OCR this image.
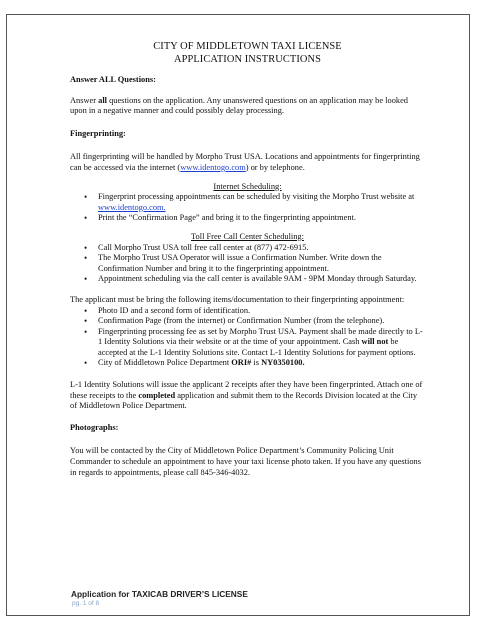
CITY OF MIDDLETOWN TAXI LICENSE
APPLICATION INSTRUCTIONS
Answer ALL Questions:

Answer all questions on the application. Any unanswered questions on an application may be looked upon in a negative manner and could possibly delay processing.

Fingerprinting:

All fingerprinting will be handled by Morpho Trust USA. Locations and appointments for fingerprinting can be accessed via the internet (www.identogo.com) or by telephone.

Internet Scheduling:
• Fingerprint processing appointments can be scheduled by visiting the Morpho Trust website at www.identogo.com.
• Print the “Confirmation Page” and bring it to the fingerprinting appointment.
Toll Free Call Center Scheduling:
• Call Morpho Trust USA toll free call center at (877) 472-6915.
• The Morpho Trust USA Operator will issue a Confirmation Number. Write down the Confirmation Number and bring it to the fingerprinting appointment.
• Appointment scheduling via the call center is available 9AM - 9PM Monday through Saturday.

The applicant must be bring the following items/documentation to their fingerprinting appointment:

• Photo ID and a second form of identification.
• Confirmation Page (from the internet) or Confirmation Number (from the telephone).
• Fingerprinting processing fee as set by Morpho Trust USA. Payment shall be made directly to L-1 Identity Solutions via their website or at the time of your appointment. Cash will not be accepted at the L-1 Identity Solutions site. Contact L-1 Identity Solutions for payment options.
• City of Middletown Police Department ORI# is NY0350100.

L-1 Identity Solutions will issue the applicant 2 receipts after they have been fingerprinted. Attach one of these receipts to the completed application and submit them to the Records Division located at the City of Middletown Police Department.

Photographs:

You will be contacted by the City of Middletown Police Department’s Community Policing Unit Commander to schedule an appointment to have your taxi license photo taken. If you have any questions in regards to appointments, please call 845-346-4032.

Application for TAXICAB DRIVER’S LICENSE
pg. 1 of 8
